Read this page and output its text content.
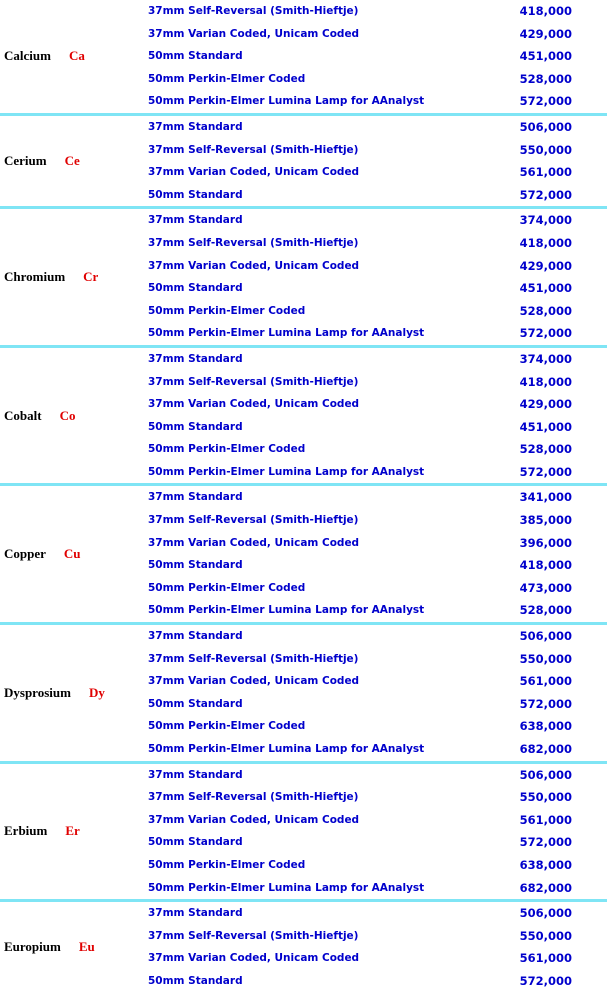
Calcium Ca
37mm Self-Reversal (Smith-Hieftje)	418,000
37mm Varian Coded, Unicam Coded	429,000
50mm Standard	451,000
50mm Perkin-Elmer Coded	528,000
50mm Perkin-Elmer Lumina Lamp for AAnalyst	572,000
Cerium Ce
37mm Standard	506,000
37mm Self-Reversal (Smith-Hieftje)	550,000
37mm Varian Coded, Unicam Coded	561,000
50mm Standard	572,000
Chromium Cr
37mm Standard	374,000
37mm Self-Reversal (Smith-Hieftje)	418,000
37mm Varian Coded, Unicam Coded	429,000
50mm Standard	451,000
50mm Perkin-Elmer Coded	528,000
50mm Perkin-Elmer Lumina Lamp for AAnalyst	572,000
Cobalt Co
37mm Standard	374,000
37mm Self-Reversal (Smith-Hieftje)	418,000
37mm Varian Coded, Unicam Coded	429,000
50mm Standard	451,000
50mm Perkin-Elmer Coded	528,000
50mm Perkin-Elmer Lumina Lamp for AAnalyst	572,000
Copper Cu
37mm Standard	341,000
37mm Self-Reversal (Smith-Hieftje)	385,000
37mm Varian Coded, Unicam Coded	396,000
50mm Standard	418,000
50mm Perkin-Elmer Coded	473,000
50mm Perkin-Elmer Lumina Lamp for AAnalyst	528,000
Dysprosium Dy
37mm Standard	506,000
37mm Self-Reversal (Smith-Hieftje)	550,000
37mm Varian Coded, Unicam Coded	561,000
50mm Standard	572,000
50mm Perkin-Elmer Coded	638,000
50mm Perkin-Elmer Lumina Lamp for AAnalyst	682,000
Erbium Er
37mm Standard	506,000
37mm Self-Reversal (Smith-Hieftje)	550,000
37mm Varian Coded, Unicam Coded	561,000
50mm Standard	572,000
50mm Perkin-Elmer Coded	638,000
50mm Perkin-Elmer Lumina Lamp for AAnalyst	682,000
Europium Eu
37mm Standard	506,000
37mm Self-Reversal (Smith-Hieftje)	550,000
37mm Varian Coded, Unicam Coded	561,000
50mm Standard	572,000
